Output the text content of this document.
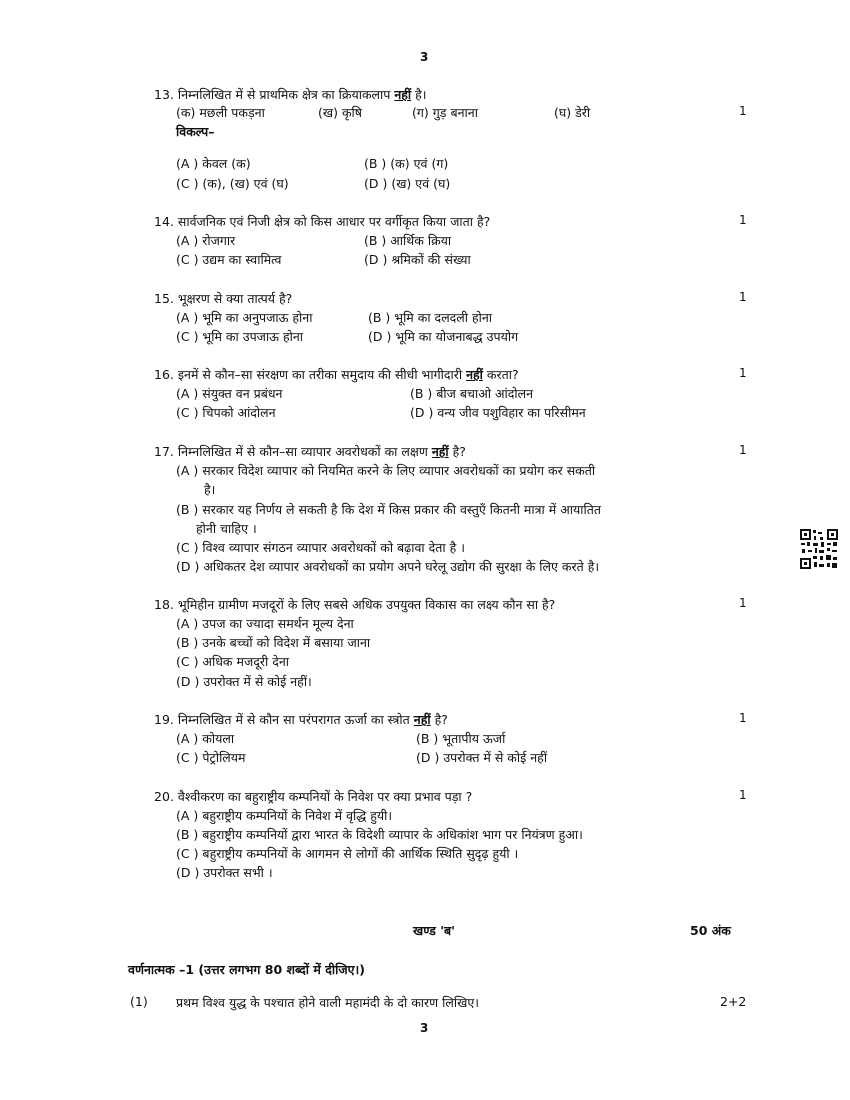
3
13. निम्नलिखित में से प्राथमिक क्षेत्र का क्रियाकलाप नहीं है।
(क) मछली पकड़ना	(ख) कृषि	(ग) गुड़ बनाना	(घ) डेरी	1
विकल्प–
(A ) केवल (क)	(B ) (क) एवं (ग)
(C ) (क), (ख) एवं (घ)	(D ) (ख) एवं (घ)
14. सार्वजनिक एवं निजी क्षेत्र को किस आधार पर वर्गीकृत किया जाता है?	1
(A ) रोजगार	(B ) आर्थिक क्रिया
(C ) उद्यम का स्वामित्व	(D ) श्रमिकों की संख्या
15. भूक्षरण से क्या तात्पर्य है?	1
(A ) भूमि का अनुपजाऊ होना	(B ) भूमि का दलदली होना
(C ) भूमि का उपजाऊ होना	(D ) भूमि का योजनाबद्ध उपयोग
16. इनमें से कौन–सा संरक्षण का तरीका समुदाय की सीधी भागीदारी नहीं करता?	1
(A ) संयुक्त वन प्रबंधन	(B ) बीज बचाओ आंदोलन
(C ) चिपको आंदोलन	(D ) वन्य जीव पशुविहार का परिसीमन
17. निम्नलिखित में से कौन–सा व्यापार अवरोधकों का लक्षण नहीं है?	1
(A ) सरकार विदेश व्यापार को नियमित करने के लिए व्यापार अवरोधकों का प्रयोग कर सकती
है।
(B ) सरकार यह निर्णय ले सकती है कि देश में किस प्रकार की वस्तुएँ कितनी मात्रा में आयातित
होनी चाहिए ।
(C ) विश्व व्यापार संगठन व्यापार अवरोधकों को बढ़ावा देता है ।
(D ) अधिकतर देश व्यापार अवरोधकों का प्रयोग अपने घरेलू उद्योग की सुरक्षा के लिए करते है।
18. भूमिहीन ग्रामीण मजदूरों के लिए सबसे अधिक उपयुक्त विकास का लक्ष्य कौन सा है?	1
(A ) उपज का ज्यादा समर्थन मूल्य देना
(B ) उनके बच्चों को विदेश में बसाया जाना
(C ) अधिक मजदूरी देना
(D ) उपरोक्त में से कोई नहीं।
19. निम्नलिखित में से कौन सा परंपरागत ऊर्जा का स्त्रोत नहीं है?	1
(A ) कोयला	(B ) भूतापीय ऊर्जा
(C ) पेट्रोलियम	(D ) उपरोक्त में से कोई नहीं
20. वैश्वीकरण का बहुराष्ट्रीय कम्पनियों के निवेश पर क्या प्रभाव पड़ा ?	1
(A ) बहुराष्ट्रीय कम्पनियों के निवेश में वृद्धि हुयी।
(B ) बहुराष्ट्रीय कम्पनियों द्वारा भारत के विदेशी व्यापार के अधिकांश भाग पर नियंत्रण हुआ।
(C ) बहुराष्ट्रीय कम्पनियों के आगमन से लोगों की आर्थिक स्थिति सुदृढ़ हुयी ।
(D ) उपरोक्त सभी ।
खण्ड 'ब'	50 अंक
वर्णनात्मक –1 (उत्तर लगभग 80 शब्दों में दीजिए।)
(1) प्रथम विश्व युद्ध के पश्चात होने वाली महामंदी के दो कारण लिखिए।	2+2
3
